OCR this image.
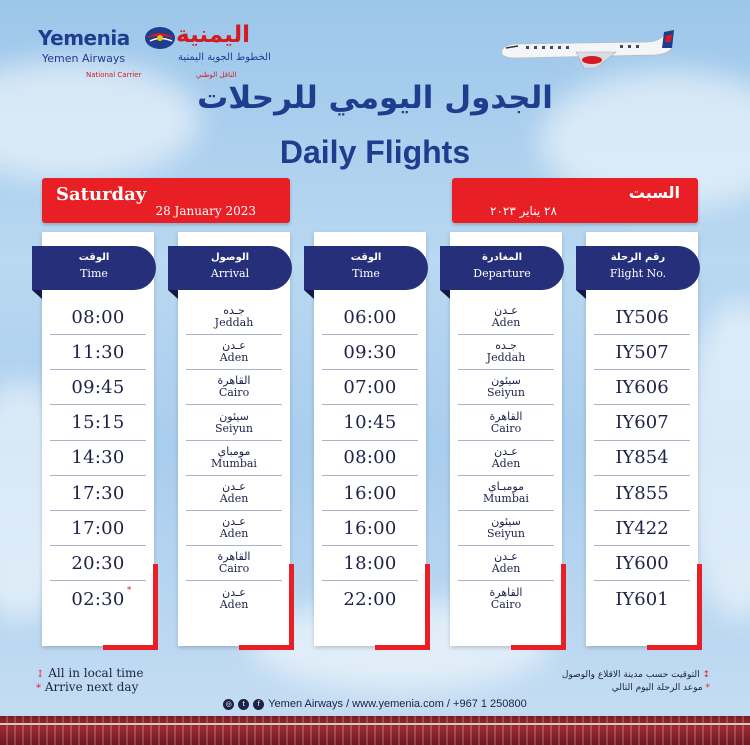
Yemenia
Yemen Airways
National Carrier
اليمنية
الخطوط الجوية اليمنية
الناقل الوطني
الجدول اليومي للرحلات
Daily Flights
Saturday
28 January 2023
السبت
٢٨ يناير ٢٠٢٣
الوقت
Time
08:00
11:30
09:45
15:15
14:30
17:30
17:00
20:30
02:30 *
الوصول
Arrival
جـده
Jeddah
عـدن
Aden
القاهرة
Cairo
سيئون
Seiyun
مومباي
Mumbai
عـدن
Aden
عـدن
Aden
القاهرة
Cairo
عـدن
Aden
الوقت
Time
06:00
09:30
07:00
10:45
08:00
16:00
16:00
18:00
22:00
المغادرة
Departure
عـدن
Aden
جـده
Jeddah
سيئون
Seiyun
القاهرة
Cairo
عـدن
Aden
مومبـاي
Mumbai
سيئون
Seiyun
عـدن
Aden
القاهرة
Cairo
رقم الرحلة
Flight No.
IY506
IY507
IY606
IY607
IY854
IY855
IY422
IY600
IY601
↕ All in local time
* Arrive next day
↕ التوقيت حسب مدينة الاقلاع والوصول
* موعد الرحلة اليوم التالي
◎	t	f Yemen Airways / www.yemenia.com / +967 1 250800
